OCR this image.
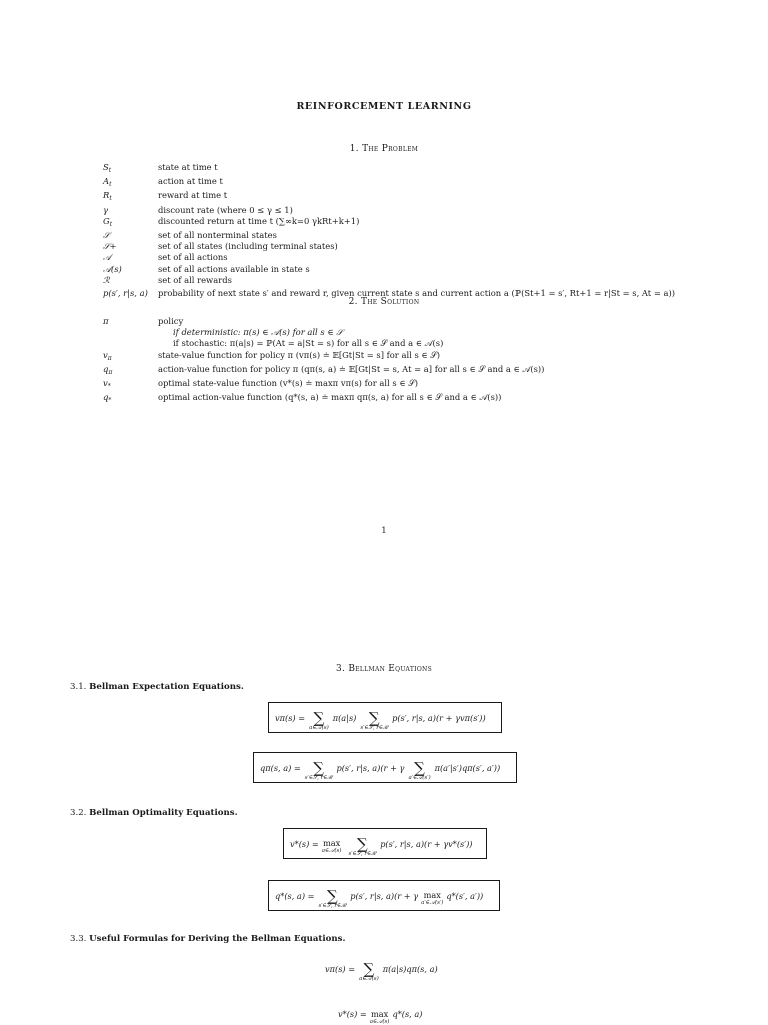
REINFORCEMENT LEARNING
1. The Problem
$S_t$	state at time t
$A_t$	action at time t
$R_t$	reward at time t
γ	discount rate (where 0 ≤ γ ≤ 1)
$G_t$	discounted return at time t (∑∞k=0 γkRt+k+1)
𝒮	set of all nonterminal states
𝒮+	set of all states (including terminal states)
𝒜	set of all actions
𝒜(s)	set of all actions available in state s
ℛ	set of all rewards
p(s′, r|s, a)	probability of next state s′ and reward r, given current state s and current action a (ℙ(St+1 = s′, Rt+1 = r|St = s, At = a))
2. The Solution
π	policy
if deterministic: π(s) ∈ 𝒜(s) for all s ∈ 𝒮
if stochastic: π(a|s) = ℙ(At = a|St = s) for all s ∈ 𝒮 and a ∈ 𝒜(s)
$v_\pi$	state-value function for policy π (vπ(s) ≐ 𝔼[Gt|St = s] for all s ∈ 𝒮)
$q_\pi$	action-value function for policy π (qπ(s, a) ≐ 𝔼[Gt|St = s, At = a] for all s ∈ 𝒮 and a ∈ 𝒜(s))
$v_*$	optimal state-value function (v*(s) ≐ maxπ vπ(s) for all s ∈ 𝒮)
$q_*$	optimal action-value function (q*(s, a) ≐ maxπ qπ(s, a) for all s ∈ 𝒮 and a ∈ 𝒜(s))
1
3. Bellman Equations
3.1. Bellman Expectation Equations.
vπ(s) = ∑
a∈𝒜(s)
π(a|s) ∑
s′∈𝒮, r∈ℛ
p(s′, r|s, a)(r + γvπ(s′))
qπ(s, a) = ∑
s′∈𝒮, r∈ℛ
p(s′, r|s, a)(r + γ ∑
a′∈𝒜(s′)
π(a′|s′)qπ(s′, a′))
3.2. Bellman Optimality Equations.
v*(s) = max
a∈𝒜(s) ∑
s′∈𝒮, r∈ℛ
p(s′, r|s, a)(r + γv*(s′))
q*(s, a) = ∑
s′∈𝒮, r∈ℛ
p(s′, r|s, a)(r + γ max
a′∈𝒜(s′)
q*(s′, a′))
3.3. Useful Formulas for Deriving the Bellman Equations.
vπ(s) = ∑
a∈𝒜(s)
π(a|s)qπ(s, a)
v*(s) = max
a∈𝒜(s)
q*(s, a)
